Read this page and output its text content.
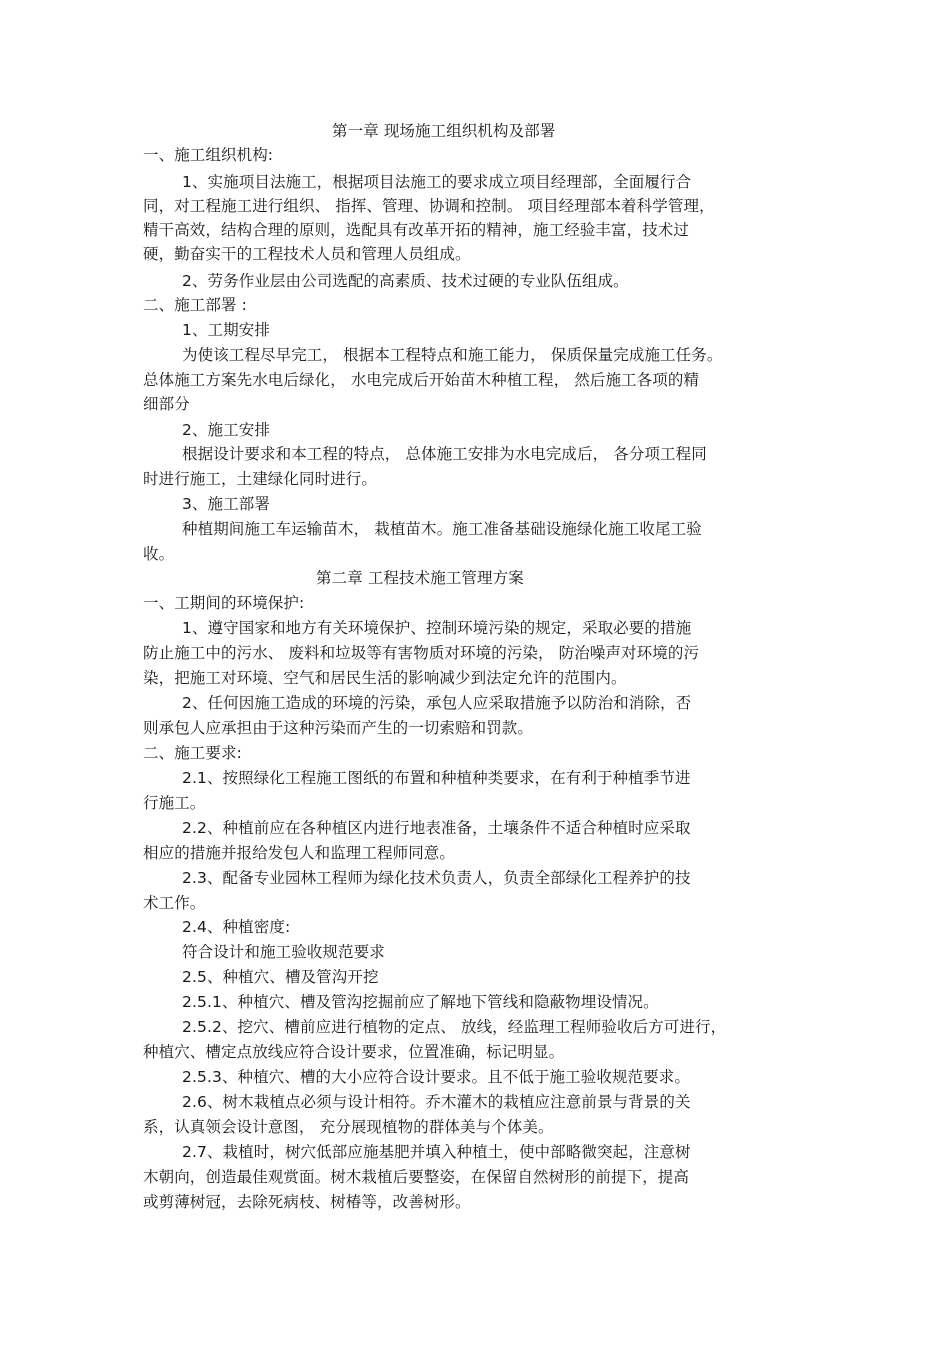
第一章 现场施工组织机构及部署
一、施工组织机构:
1、实施项目法施工，根据项目法施工的要求成立项目经理部，全面履行合
同，对工程施工进行组织、 指挥、管理、协调和控制。 项目经理部本着科学管理，
精干高效，结构合理的原则，选配具有改革开拓的精神，施工经验丰富，技术过
硬，勤奋实干的工程技术人员和管理人员组成。
2、劳务作业层由公司选配的高素质、技术过硬的专业队伍组成。
二、施工部署 :
1、工期安排
为使该工程尽早完工， 根据本工程特点和施工能力， 保质保量完成施工任务。
总体施工方案先水电后绿化， 水电完成后开始苗木种植工程， 然后施工各项的精
细部分
2、施工安排
根据设计要求和本工程的特点， 总体施工安排为水电完成后， 各分项工程同
时进行施工，土建绿化同时进行。
3、施工部署
种植期间施工车运输苗木， 栽植苗木。施工准备基础设施绿化施工收尾工验
收。
第二章 工程技术施工管理方案
一、工期间的环境保护:
1、遵守国家和地方有关环境保护、控制环境污染的规定，采取必要的措施
防止施工中的污水、 废料和垃圾等有害物质对环境的污染， 防治噪声对环境的污
染，把施工对环境、空气和居民生活的影响减少到法定允许的范围内。
2、任何因施工造成的环境的污染，承包人应采取措施予以防治和消除，否
则承包人应承担由于这种污染而产生的一切索赔和罚款。
二、施工要求:
2.1、按照绿化工程施工图纸的布置和种植种类要求，在有利于种植季节进
行施工。
2.2、种植前应在各种植区内进行地表准备，土壤条件不适合种植时应采取
相应的措施并报给发包人和监理工程师同意。
2.3、配备专业园林工程师为绿化技术负责人，负责全部绿化工程养护的技
术工作。
2.4、种植密度:
符合设计和施工验收规范要求
2.5、种植穴、槽及管沟开挖
2.5.1、种植穴、槽及管沟挖掘前应了解地下管线和隐蔽物埋设情况。
2.5.2、挖穴、槽前应进行植物的定点、 放线，经监理工程师验收后方可进行，
种植穴、槽定点放线应符合设计要求，位置准确，标记明显。
2.5.3、种植穴、槽的大小应符合设计要求。且不低于施工验收规范要求。
2.6、树木栽植点必须与设计相符。乔木灌木的栽植应注意前景与背景的关
系，认真领会设计意图， 充分展现植物的群体美与个体美。
2.7、栽植时，树穴低部应施基肥并填入种植土，使中部略微突起，注意树
木朝向，创造最佳观赏面。树木栽植后要整姿，在保留自然树形的前提下，提高
或剪薄树冠，去除死病枝、树椿等，改善树形。
